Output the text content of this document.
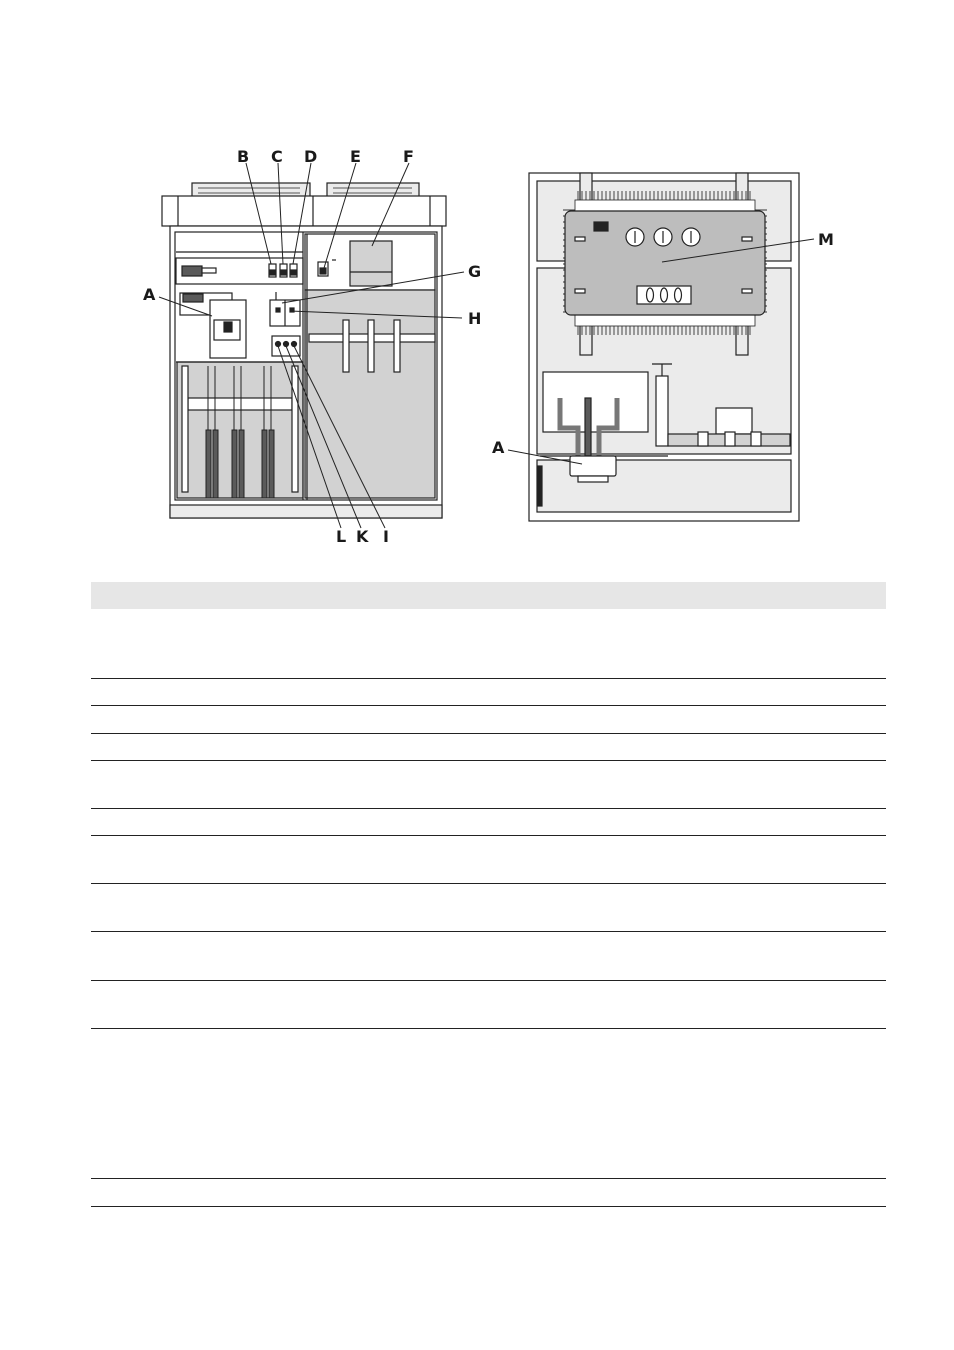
A
B C D E	F
G
H
I
K
L
A
M
